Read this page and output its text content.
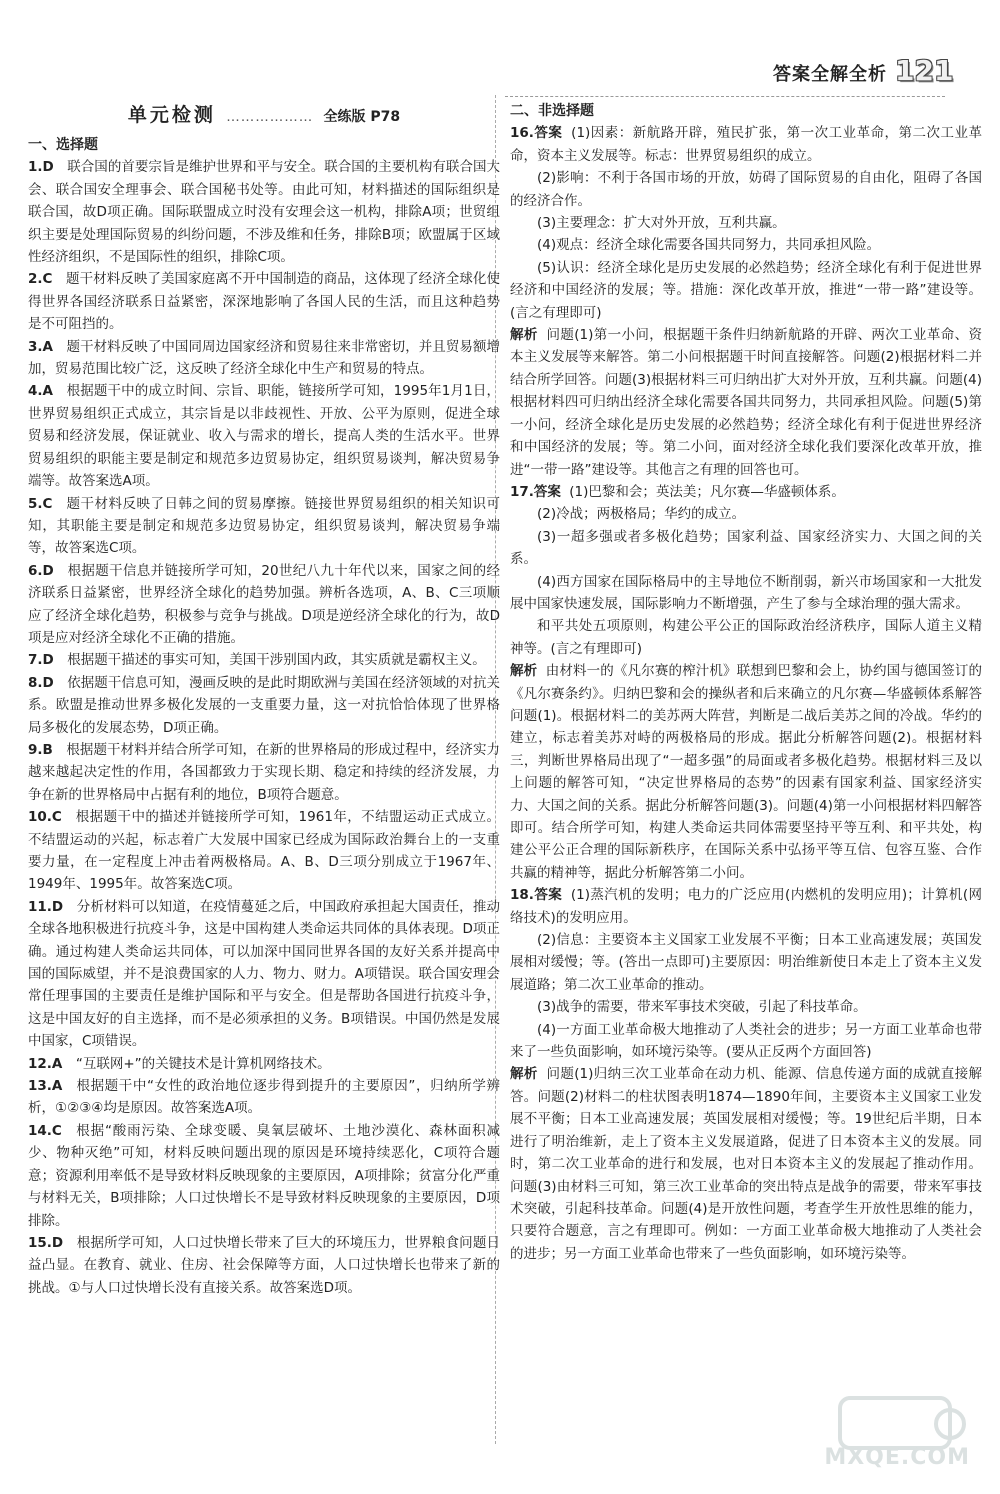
答案全解全析 121
单元检测 ……………… 全练版 P78

一、选择题

1.D  联合国的首要宗旨是维护世界和平与安全。联合国的主要机构有联合国大会、联合国安全理事会、联合国秘书处等。由此可知，材料描述的国际组织是联合国，故D项正确。国际联盟成立时没有安理会这一机构，排除A项；世贸组织主要是处理国际贸易的纠纷问题，不涉及维和任务，排除B项；欧盟属于区域性经济组织，不是国际性的组织，排除C项。

2.C  题干材料反映了美国家庭离不开中国制造的商品，这体现了经济全球化使得世界各国经济联系日益紧密，深深地影响了各国人民的生活，而且这种趋势是不可阻挡的。

3.A  题干材料反映了中国同周边国家经济和贸易往来非常密切，并且贸易额增加，贸易范围比较广泛，这反映了经济全球化中生产和贸易的特点。

4.A  根据题干中的成立时间、宗旨、职能，链接所学可知，1995年1月1日，世界贸易组织正式成立，其宗旨是以非歧视性、开放、公平为原则，促进全球贸易和经济发展，保证就业、收入与需求的增长，提高人类的生活水平。世界贸易组织的职能主要是制定和规范多边贸易协定，组织贸易谈判，解决贸易争端等。故答案选A项。

5.C  题干材料反映了日韩之间的贸易摩擦。链接世界贸易组织的相关知识可知，其职能主要是制定和规范多边贸易协定，组织贸易谈判，解决贸易争端等，故答案选C项。

6.D  根据题干信息并链接所学可知，20世纪八九十年代以来，国家之间的经济联系日益紧密，世界经济全球化的趋势加强。辨析各选项，A、B、C三项顺应了经济全球化趋势，积极参与竞争与挑战。D项是逆经济全球化的行为，故D项是应对经济全球化不正确的措施。

7.D  根据题干描述的事实可知，美国干涉别国内政，其实质就是霸权主义。

8.D  依据题干信息可知，漫画反映的是此时期欧洲与美国在经济领域的对抗关系。欧盟是推动世界多极化发展的一支重要力量，这一对抗恰恰体现了世界格局多极化的发展态势，D项正确。

9.B  根据题干材料并结合所学可知，在新的世界格局的形成过程中，经济实力越来越起决定性的作用，各国都致力于实现长期、稳定和持续的经济发展，力争在新的世界格局中占据有利的地位，B项符合题意。

10.C  根据题干中的描述并链接所学可知，1961年，不结盟运动正式成立。不结盟运动的兴起，标志着广大发展中国家已经成为国际政治舞台上的一支重要力量，在一定程度上冲击着两极格局。A、B、D三项分别成立于1967年、1949年、1995年。故答案选C项。

11.D  分析材料可以知道，在疫情蔓延之后，中国政府承担起大国责任，推动全球各地积极进行抗疫斗争，这是中国构建人类命运共同体的具体表现。D项正确。通过构建人类命运共同体，可以加深中国同世界各国的友好关系并提高中国的国际威望，并不是浪费国家的人力、物力、财力。A项错误。联合国安理会常任理事国的主要责任是维护国际和平与安全。但是帮助各国进行抗疫斗争，这是中国友好的自主选择，而不是必须承担的义务。B项错误。中国仍然是发展中国家，C项错误。

12.A  “互联网+”的关键技术是计算机网络技术。

13.A  根据题干中“女性的政治地位逐步得到提升的主要原因”，归纳所学辨析，①②③④均是原因。故答案选A项。

14.C  根据“酸雨污染、全球变暖、臭氧层破坏、土地沙漠化、森林面积减少、物种灭绝”可知，材料反映问题出现的原因是环境持续恶化，C项符合题意；资源利用率低不是导致材料反映现象的主要原因，A项排除；贫富分化严重与材料无关，B项排除；人口过快增长不是导致材料反映现象的主要原因，D项排除。

15.D  根据所学可知，人口过快增长带来了巨大的环境压力，世界粮食问题日益凸显。在教育、就业、住房、社会保障等方面，人口过快增长也带来了新的挑战。①与人口过快增长没有直接关系。故答案选D项。

二、非选择题

16.答案 (1)因素：新航路开辟，殖民扩张，第一次工业革命，第二次工业革命，资本主义发展等。标志：世界贸易组织的成立。

(2)影响：不利于各国市场的开放，妨碍了国际贸易的自由化，阻碍了各国的经济合作。

(3)主要理念：扩大对外开放，互利共赢。

(4)观点：经济全球化需要各国共同努力，共同承担风险。

(5)认识：经济全球化是历史发展的必然趋势；经济全球化有利于促进世界经济和中国经济的发展；等。措施：深化改革开放，推进“一带一路”建设等。(言之有理即可)

解析 问题(1)第一小问，根据题干条件归纳新航路的开辟、两次工业革命、资本主义发展等来解答。第二小问根据题干时间直接解答。问题(2)根据材料二并结合所学回答。问题(3)根据材料三可归纳出扩大对外开放，互利共赢。问题(4)根据材料四可归纳出经济全球化需要各国共同努力，共同承担风险。问题(5)第一小问，经济全球化是历史发展的必然趋势；经济全球化有利于促进世界经济和中国经济的发展；等。第二小问，面对经济全球化我们要深化改革开放，推进“一带一路”建设等。其他言之有理的回答也可。

17.答案 (1)巴黎和会；英法美；凡尔赛—华盛顿体系。

(2)冷战；两极格局；华约的成立。

(3)一超多强或者多极化趋势；国家利益、国家经济实力、大国之间的关系。

(4)西方国家在国际格局中的主导地位不断削弱，新兴市场国家和一大批发展中国家快速发展，国际影响力不断增强，产生了参与全球治理的强大需求。

和平共处五项原则，构建公平公正的国际政治经济秩序，国际人道主义精神等。(言之有理即可)

解析 由材料一的《凡尔赛的榨汁机》联想到巴黎和会上，协约国与德国签订的《凡尔赛条约》。归纳巴黎和会的操纵者和后来确立的凡尔赛—华盛顿体系解答问题(1)。根据材料二的美苏两大阵营，判断是二战后美苏之间的冷战。华约的建立，标志着美苏对峙的两极格局的形成。据此分析解答问题(2)。根据材料三，判断世界格局出现了“一超多强”的局面或者多极化趋势。根据材料三及以上问题的解答可知，“决定世界格局的态势”的因素有国家利益、国家经济实力、大国之间的关系。据此分析解答问题(3)。问题(4)第一小问根据材料四解答即可。结合所学可知，构建人类命运共同体需要坚持平等互利、和平共处，构建公平公正合理的国际新秩序，在国际关系中弘扬平等互信、包容互鉴、合作共赢的精神等，据此分析解答第二小问。

18.答案 (1)蒸汽机的发明；电力的广泛应用(内燃机的发明应用)；计算机(网络技术)的发明应用。

(2)信息：主要资本主义国家工业发展不平衡；日本工业高速发展；英国发展相对缓慢；等。(答出一点即可)主要原因：明治维新使日本走上了资本主义发展道路；第二次工业革命的推动。

(3)战争的需要，带来军事技术突破，引起了科技革命。

(4)一方面工业革命极大地推动了人类社会的进步；另一方面工业革命也带来了一些负面影响，如环境污染等。(要从正反两个方面回答)

解析 问题(1)归纳三次工业革命在动力机、能源、信息传递方面的成就直接解答。问题(2)材料二的柱状图表明1874—1890年间，主要资本主义国家工业发展不平衡；日本工业高速发展；英国发展相对缓慢；等。19世纪后半期，日本进行了明治维新，走上了资本主义发展道路，促进了日本资本主义的发展。同时，第二次工业革命的进行和发展，也对日本资本主义的发展起了推动作用。问题(3)由材料三可知，第三次工业革命的突出特点是战争的需要，带来军事技术突破，引起科技革命。问题(4)是开放性问题，考查学生开放性思维的能力，只要符合题意，言之有理即可。例如：一方面工业革命极大地推动了人类社会的进步；另一方面工业革命也带来了一些负面影响，如环境污染等。

MXQE.COM
